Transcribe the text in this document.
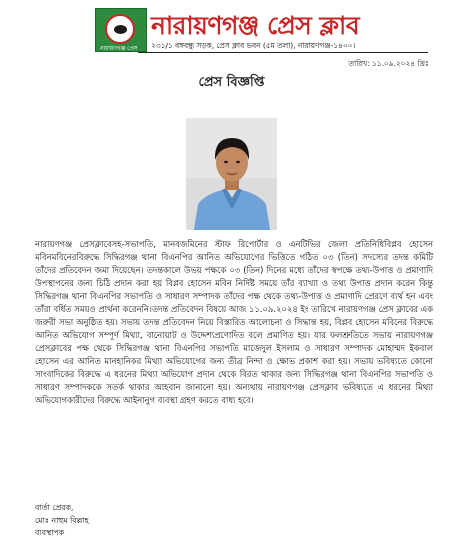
নারায়ণগঞ্জ প্রেস ক্লাব
নারায়ণগঞ্জ প্রেস ক্লাব
২৩১/১ বঙ্গবন্ধু সড়ক, প্রেস ক্লাব ভবন (৫ম তলা), নারায়ণগঞ্জ-১৪০০।
তারিখ: ১১.০৯.২০২৪ খ্রিঃ
প্রেস বিজ্ঞপ্তি

নারায়ণগঞ্জ প্রেসক্লাবেসহ-সভাপতি, মানবজমিনের স্টাফ রিপোর্টার ও এনটিভির জেলা প্রতিনিধিবিপ্লব হোসেন মবিনমবিনেরবিরুদ্ধে সিদ্ধিরগঞ্জ থানা বিএনপির আনিত অভিযোগের ভিত্তিতে গঠিত ০৩ (তিন) সদস্যের তদন্ত কমিটি তাঁদের প্রতিবেদন জমা দিয়েছেন। তদন্তকালে উভয় পক্ষকে ০৩ (তিন) দিনের মধ্যে তাঁদের স্বপক্ষে তথ্য-উপাত্ত ও প্রমাণাদি উপস্থাপনের জন্য চিঠি প্রদান করা হয় বিপ্লব হোসেন মবিন নির্দিষ্ট সময়ে তাঁর ব্যাখ্যা ও তথ্য উপাত্ত প্রদান করেন কিন্তু সিদ্ধিরগঞ্জ থানা বিএনপির সভাপতি ও সাধারণ সম্পাদক তাঁদের পক্ষ থেকে তথ্য-উপাত্ত ও প্রমাণাদি প্রেরণে ব্যর্থ হন এবং তাঁরা বর্ধিত সময়ও প্রার্থনা করেননি।তদন্ত প্রতিবেদন বিষয়ে আজ ১১.০৯.২০২৪ ইং তারিখে নারায়ণগঞ্জ প্রেস ক্লাবের এক জরুরী সভা অনুষ্ঠিত হয়। সভায় তদন্ত প্রতিবেদন নিয়ে বিস্তারিত আলোচনা ও সিদ্ধান্ত হয়, বিপ্লব হোসেন মবিনের বিরুদ্ধে আনিত অভিযোগ সম্পূর্ণ মিথ্যা, বানোয়াট ও উদ্দেশ্যপ্রণোদিত বলে প্রমাণিত হয়। যার ফলশ্রুতিতে সভায় নারায়ণগঞ্জ প্রেসক্লাবের পক্ষ থেকে সিদ্ধিরগঞ্জ থানা বিএনপির সভাপতি মাজেদুল ইসলাম ও সাধারণ সম্পাদক মোহাম্মদ ইকবাল হোসেন এর আনিত মানহানিকর মিথ্যা অভিযোগের জন্য তীব্র নিন্দা ও ক্ষোভ প্রকাশ করা হয়। সভায় ভবিষ্যতে কোনো সাংবাদিকের বিরুদ্ধে এ ধরনের মিথ্যা অভিযোগ প্রদান থেকে বিরত থাকার জন্য সিদ্ধিরগঞ্জ থানা বিএনপির সভাপতি ও সাধারণ সম্পাদককে সতর্ক থাকার আহবান জানানো হয়। অন্যথায় নারায়ণগঞ্জ প্রেসক্লাব ভবিষ্যতে এ ধরনের মিথ্যা অভিযোগকারীদের বিরুদ্ধে আইনানুগ ব্যবস্থা গ্রহণ করতে বাধ্য হবে।

বার্তা প্রেরক,
মোঃ নাহুম বিল্লাহ
ব্যবস্থাপক
